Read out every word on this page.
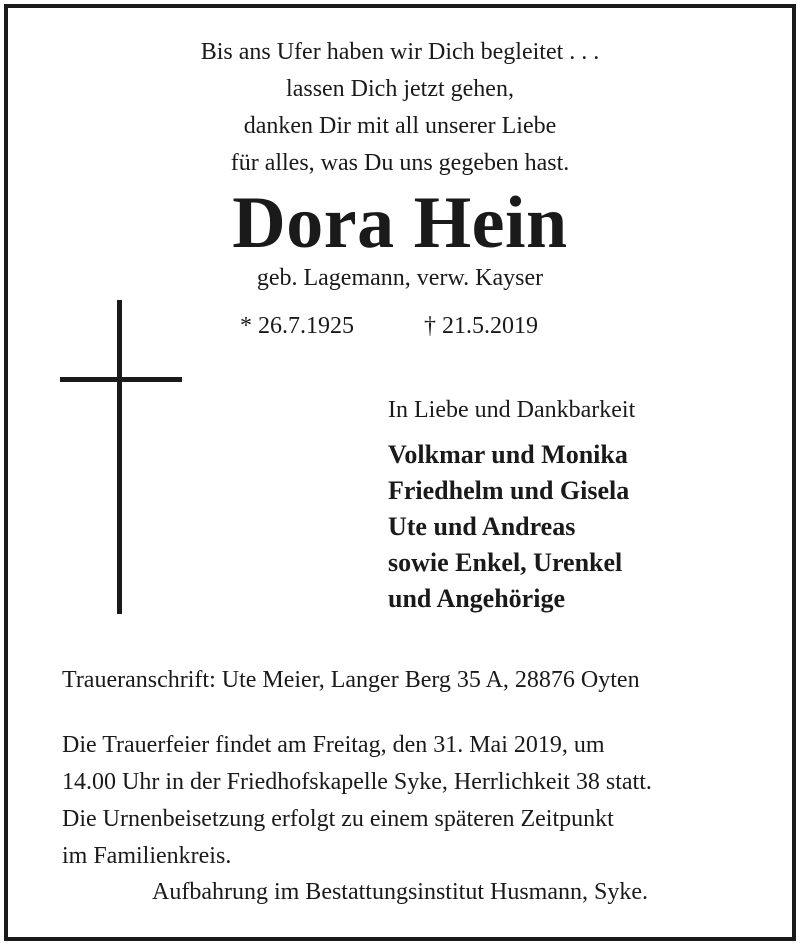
Bis ans Ufer haben wir Dich begleitet . . .
lassen Dich jetzt gehen,
danken Dir mit all unserer Liebe
für alles, was Du uns gegeben hast.
Dora Hein
geb. Lagemann, verw. Kayser
* 26.7.1925	† 21.5.2019
In Liebe und Dankbarkeit
Volkmar und Monika
Friedhelm und Gisela
Ute und Andreas
sowie Enkel, Urenkel
und Angehörige
Traueranschrift: Ute Meier, Langer Berg 35 A, 28876 Oyten
Die Trauerfeier findet am Freitag, den 31. Mai 2019, um
14.00 Uhr in der Friedhofskapelle Syke, Herrlichkeit 38 statt.
Die Urnenbeisetzung erfolgt zu einem späteren Zeitpunkt
im Familienkreis.
Aufbahrung im Bestattungsinstitut Husmann, Syke.
